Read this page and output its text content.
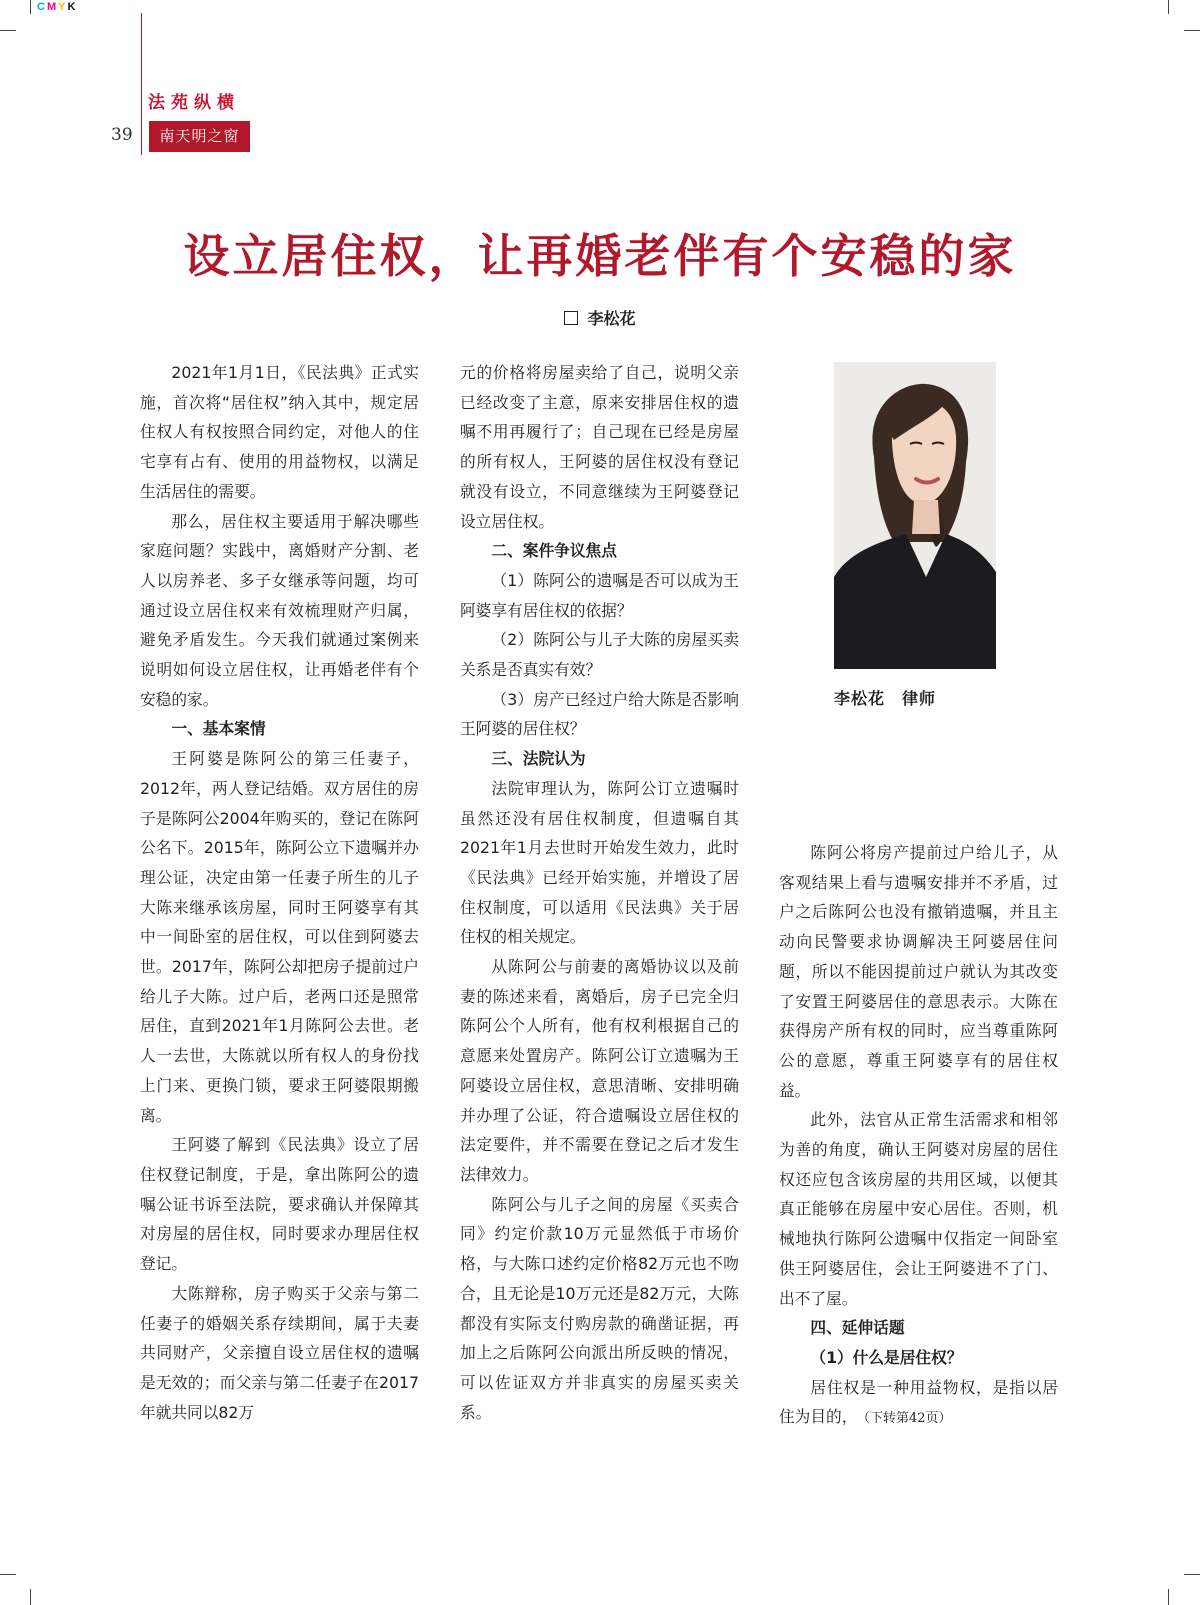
CMYK
法苑纵横
39	南天明之窗
设立居住权，让再婚老伴有个安稳的家
李松花

2021年1月1日，《民法典》正式实施，首次将“居住权”纳入其中，规定居住权人有权按照合同约定，对他人的住宅享有占有、使用的用益物权，以满足生活居住的需要。

那么，居住权主要适用于解决哪些家庭问题？实践中，离婚财产分割、老人以房养老、多子女继承等问题，均可通过设立居住权来有效梳理财产归属，避免矛盾发生。今天我们就通过案例来说明如何设立居住权，让再婚老伴有个安稳的家。

一、基本案情

王阿婆是陈阿公的第三任妻子，2012年，两人登记结婚。双方居住的房子是陈阿公2004年购买的，登记在陈阿公名下。2015年，陈阿公立下遗嘱并办理公证，决定由第一任妻子所生的儿子大陈来继承该房屋，同时王阿婆享有其中一间卧室的居住权，可以住到阿婆去世。2017年，陈阿公却把房子提前过户给儿子大陈。过户后，老两口还是照常居住，直到2021年1月陈阿公去世。老人一去世，大陈就以所有权人的身份找上门来、更换门锁，要求王阿婆限期搬离。

王阿婆了解到《民法典》设立了居住权登记制度，于是，拿出陈阿公的遗嘱公证书诉至法院，要求确认并保障其对房屋的居住权，同时要求办理居住权登记。

大陈辩称，房子购买于父亲与第二任妻子的婚姻关系存续期间，属于夫妻共同财产，父亲擅自设立居住权的遗嘱是无效的；而父亲与第二任妻子在2017年就共同以82万

元的价格将房屋卖给了自己，说明父亲已经改变了主意，原来安排居住权的遗嘱不用再履行了；自己现在已经是房屋的所有权人，王阿婆的居住权没有登记就没有设立，不同意继续为王阿婆登记设立居住权。

二、案件争议焦点

（1）陈阿公的遗嘱是否可以成为王阿婆享有居住权的依据？

（2）陈阿公与儿子大陈的房屋买卖关系是否真实有效？

（3）房产已经过户给大陈是否影响王阿婆的居住权？

三、法院认为

法院审理认为，陈阿公订立遗嘱时虽然还没有居住权制度，但遗嘱自其2021年1月去世时开始发生效力，此时《民法典》已经开始实施，并增设了居住权制度，可以适用《民法典》关于居住权的相关规定。

从陈阿公与前妻的离婚协议以及前妻的陈述来看，离婚后，房子已完全归陈阿公个人所有，他有权利根据自己的意愿来处置房产。陈阿公订立遗嘱为王阿婆设立居住权，意思清晰、安排明确并办理了公证，符合遗嘱设立居住权的法定要件，并不需要在登记之后才发生法律效力。

陈阿公与儿子之间的房屋《买卖合同》约定价款10万元显然低于市场价格，与大陈口述约定价格82万元也不吻合，且无论是10万元还是82万元，大陈都没有实际支付购房款的确凿证据，再加上之后陈阿公向派出所反映的情况，可以佐证双方并非真实的房屋买卖关系。

李松花　律师

陈阿公将房产提前过户给儿子，从客观结果上看与遗嘱安排并不矛盾，过户之后陈阿公也没有撤销遗嘱，并且主动向民警要求协调解决王阿婆居住问题，所以不能因提前过户就认为其改变了安置王阿婆居住的意思表示。大陈在获得房产所有权的同时，应当尊重陈阿公的意愿，尊重王阿婆享有的居住权益。

此外，法官从正常生活需求和相邻为善的角度，确认王阿婆对房屋的居住权还应包含该房屋的共用区域，以便其真正能够在房屋中安心居住。否则，机械地执行陈阿公遗嘱中仅指定一间卧室供王阿婆居住，会让王阿婆进不了门、出不了屋。

四、延伸话题

（1）什么是居住权？

居住权是一种用益物权，是指以居住为目的， （下转第42页）
